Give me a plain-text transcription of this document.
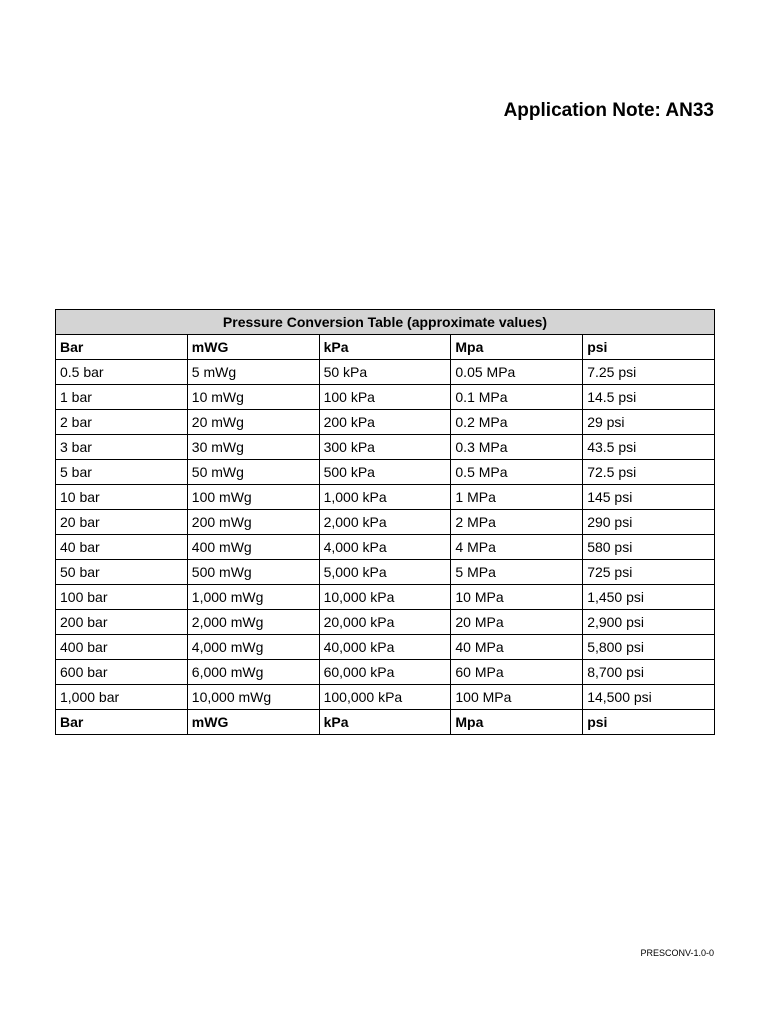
Application Note: AN33
Pressure Conversion Table (approximate values)				
Bar	mWG	kPa	Mpa	psi
0.5 bar	5 mWg	50 kPa	0.05 MPa	7.25 psi
1 bar	10 mWg	100 kPa	0.1 MPa	14.5 psi
2 bar	20 mWg	200 kPa	0.2 MPa	29 psi
3 bar	30 mWg	300 kPa	0.3 MPa	43.5 psi
5 bar	50 mWg	500 kPa	0.5 MPa	72.5 psi
10 bar	100 mWg	1,000 kPa	1 MPa	145 psi
20 bar	200 mWg	2,000 kPa	2 MPa	290 psi
40 bar	400 mWg	4,000 kPa	4 MPa	580 psi
50 bar	500 mWg	5,000 kPa	5 MPa	725 psi
100 bar	1,000 mWg	10,000 kPa	10 MPa	1,450 psi
200 bar	2,000 mWg	20,000 kPa	20 MPa	2,900 psi
400 bar	4,000 mWg	40,000 kPa	40 MPa	5,800 psi
600 bar	6,000 mWg	60,000 kPa	60 MPa	8,700 psi
1,000 bar	10,000 mWg	100,000 kPa	100 MPa	14,500 psi
Bar	mWG	kPa	Mpa	psi
PRESCONV-1.0-0
